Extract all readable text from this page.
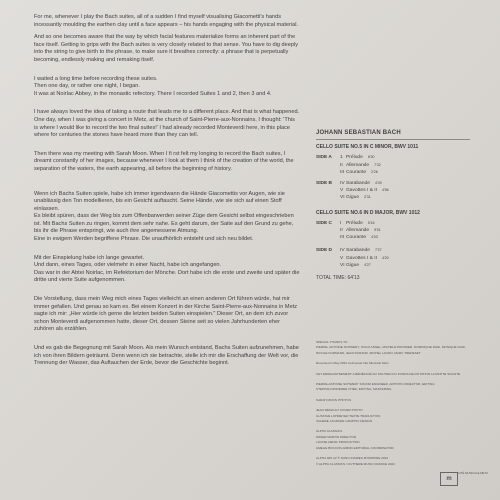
For me, whenever I play the Bach suites, all of a sudden I find myself visualising Giacometti's hands incessantly moulding the earthen clay until a face appears – his hands engaging with the physical material.

And so one becomes aware that the way by which facial features materialize forms an inherent part of the face itself. Getting to grips with the Bach suites is very closely related to that sense. You have to dig deeply into the string to give birth to the phrase, to make sure it breathes correctly: a phrase that is perpetually becoming, endlessly making and remaking itself.

I waited a long time before recording these suites.
Then one day, or rather one night, I began.

It was at Noirlac Abbey, in the monastic refectory. There I recorded Suites 1 and 2, then 3 and 4.

I have always loved the idea of taking a route that leads me to a different place. And that is what happened. One day, when I was giving a concert in Metz, at the church of Saint-Pierre-aux-Nonnains, I thought: 'This is where I would like to record the two final suites!' I had already recorded Monteverdi here, in this place where for centuries the stones have heard more than they can tell.

Then there was my meeting with Sarah Moon. When I fi rst felt my longing to record the Bach suites, I dreamt constantly of her images, because whenever I look at them I think of the creation of the world, the separation of the waters, the earth appearing, all before the beginning of history.

Wenn ich Bachs Suiten spiele, habe ich immer irgendwann die Hände Giacomettis vor Augen, wie sie unablässig den Ton modellieren, bis ein Gesicht auftaucht. Seine Hände, wie sie sich auf einen Stoff einlassen.
Es bleibt spüren, dass der Weg bis zum Offenbarwerden seiner Züge dem Gesicht selbst eingeschrieben ist. Mit Bachs Suiten zu ringen, kommt dem sehr nahe. Es geht darum, der Saite auf den Grund zu gehe, bis ihr die Phrase entspringt, wie auch ihre angemessene Atmung.

Eine in ewigem Werden begriffene Phrase. Die unaufhörlich entsteht und sich neu bildet.

Mit der Einspielung habe ich lange gewartet.
Und dann, eines Tages, oder vielmehr in einer Nacht, habe ich angefangen.

Das war in der Abtei Noirlac, im Refektorium der Mönche. Dort habe ich die erste und zweite und später die dritte und vierte Suite aufgenommen.

Die Vorstellung, dass mein Weg mich eines Tages vielleicht an einen anderen Ort führen würde, hat mir immer gefallen. Und genau so kam es. Bei einem Konzert in der Kirche Saint-Pierre-aux-Nonnains in Metz sagte ich mir: „Hier würde ich gerne die letzten beiden Suiten einspielen." Dieser Ort, an dem ich zuvor schon Monteverdi aufgenommen hatte, dieser Ort, dessen Steine seit so vielen Jahrhunderten eher zuhören als erzählen.

Und es gab die Begegnung mit Sarah Moon. Als mein Wunsch entstand, Bachs Suiten aufzunehmen, habe ich von ihren Bildern geträumt. Denn wenn ich sie betrachte, stelle ich mir die Erschaffung der Welt vor, die Trennung der Wasser, das Auftauchen der Erde, bevor die Geschichte beginnt.

JOHANN SEBASTIAN BACH
CELLO SUITE NO.5 IN C MINOR, BWV 1011
SIDE A	1 Prélude 6'30
II Allemande 7'32
III Courante 2'26
SIDE B	IV Sarabande 4'39
V Gavottes I & II 4'56
VI Gigue 2'31
CELLO SUITE NO.6 IN D MAJOR, BWV 1012
SIDE C	I Prélude 5'16
II Allemande 9'01
III Courante 4'03
SIDE D	IV Sarabande 7'27
V Gavottes I & II 4'20
VI Gigue 4'27
TOTAL TIME: 64'13
SPECIAL THANKS TO
PIERRE, ANTOINE SCHWERY, HUGO ANSEL, MICHELE PROSSER, DOMINIQUE DANI, MONIQUE DANI,
NICOLE DURMAND, JEAN DURAND, MICHEL LAVAIN, MARC TREDESET
Recorded in May 2022 at Arsenal Cité Musicale Metz
CET ENREGISTREMENT A BÉNÉFICIÉ DU SOUTIEN DU FONDS DE DOTATION LA PETITE SOLISTE
PIERRE-ANTOINE SCHWERY SOUND ENGINEER, ARTISTIC DIRECTOR, EDITING
STEPHAN MORENDE CHIEF, EDITING, MASTERING
SARAH MOON PHOTOS
JEAN RENAULT COVER PHOTO
GUSTAVE LOHMEYER TEXTE TRADUCTION
VALERIE LAGRADE GRAPHIC DESIGN
ALPHA CLASSICS
DIDIER MARTIN DIRECTOR
LOUISE DENIC PRODUCTION
AMELIE BOCCON-GIBOD EDITORIAL COORDINATOR
ALPHA 925 LP ® SONO INSIDES MYRRHINE 2024
© ALPHA CLASSICS / OUTHERE MUSIC FRANCE 2024
m
CITÉ MUSICALE METZ
